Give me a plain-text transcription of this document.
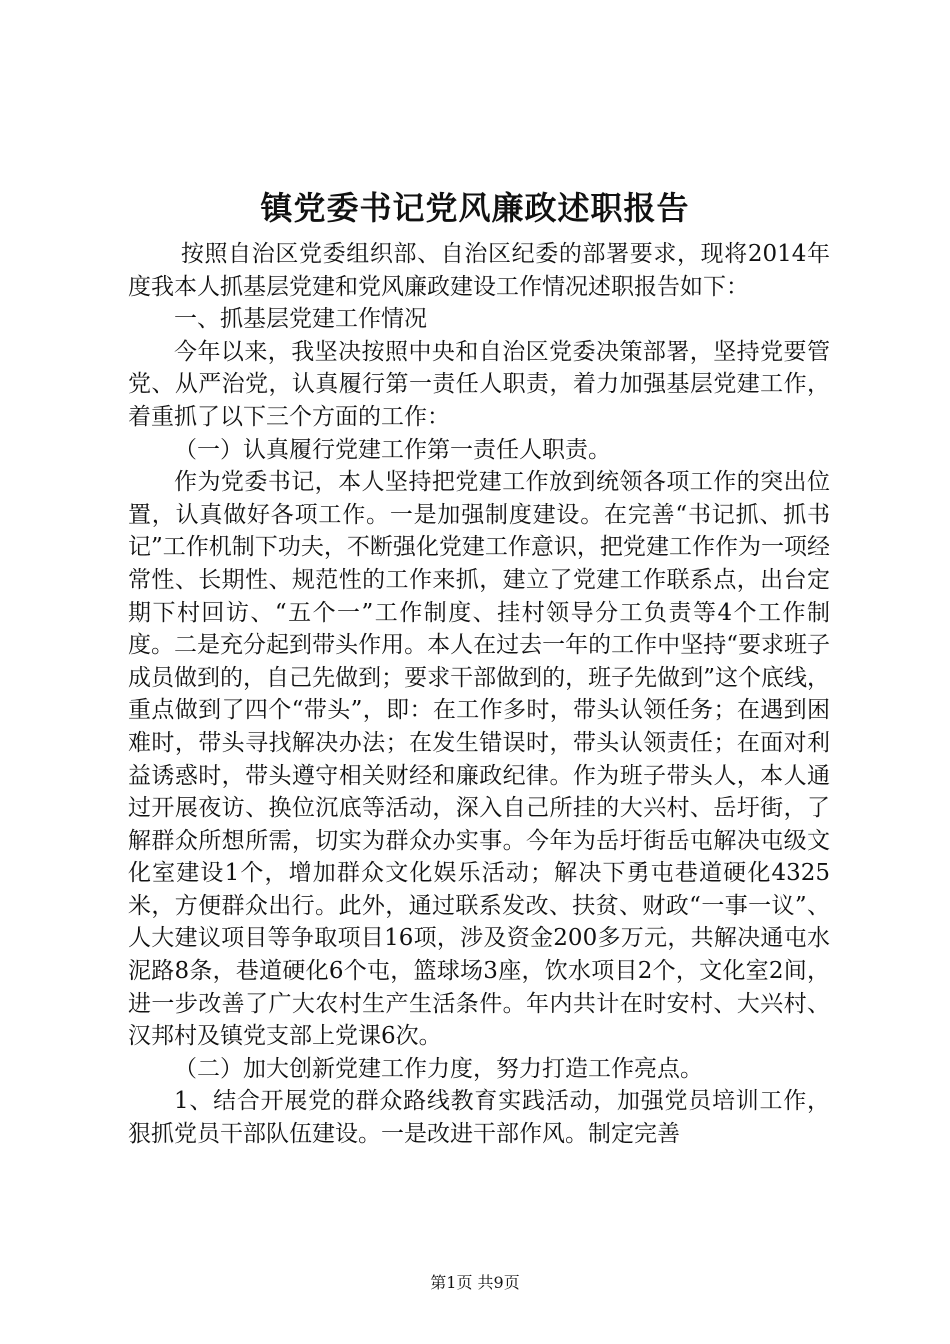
镇党委书记党风廉政述职报告

按照自治区党委组织部、自治区纪委的部署要求，现将2014年度我本人抓基层党建和党风廉政建设工作情况述职报告如下：

一、抓基层党建工作情况

今年以来，我坚决按照中央和自治区党委决策部署，坚持党要管党、从严治党，认真履行第一责任人职责，着力加强基层党建工作，着重抓了以下三个方面的工作：

（一）认真履行党建工作第一责任人职责。

作为党委书记，本人坚持把党建工作放到统领各项工作的突出位置，认真做好各项工作。一是加强制度建设。在完善“书记抓、抓书记”工作机制下功夫，不断强化党建工作意识，把党建工作作为一项经常性、长期性、规范性的工作来抓，建立了党建工作联系点，出台定期下村回访、“五个一”工作制度、挂村领导分工负责等4个工作制度。二是充分起到带头作用。本人在过去一年的工作中坚持“要求班子成员做到的，自己先做到；要求干部做到的，班子先做到”这个底线，重点做到了四个“带头”，即：在工作多时，带头认领任务；在遇到困难时，带头寻找解决办法；在发生错误时，带头认领责任；在面对利益诱惑时，带头遵守相关财经和廉政纪律。作为班子带头人，本人通过开展夜访、换位沉底等活动，深入自己所挂的大兴村、岳圩街，了解群众所想所需，切实为群众办实事。今年为岳圩街岳屯解决屯级文化室建设1个，增加群众文化娱乐活动；解决下勇屯巷道硬化4325米，方便群众出行。此外，通过联系发改、扶贫、财政“一事一议”、人大建议项目等争取项目16项，涉及资金200多万元，共解决通屯水泥路8条，巷道硬化6个屯，篮球场3座，饮水项目2个，文化室2间，进一步改善了广大农村生产生活条件。年内共计在时安村、大兴村、汉邦村及镇党支部上党课6次。

（二）加大创新党建工作力度，努力打造工作亮点。

1、结合开展党的群众路线教育实践活动，加强党员培训工作，狠抓党员干部队伍建设。一是改进干部作风。制定完善

第1页 共9页
